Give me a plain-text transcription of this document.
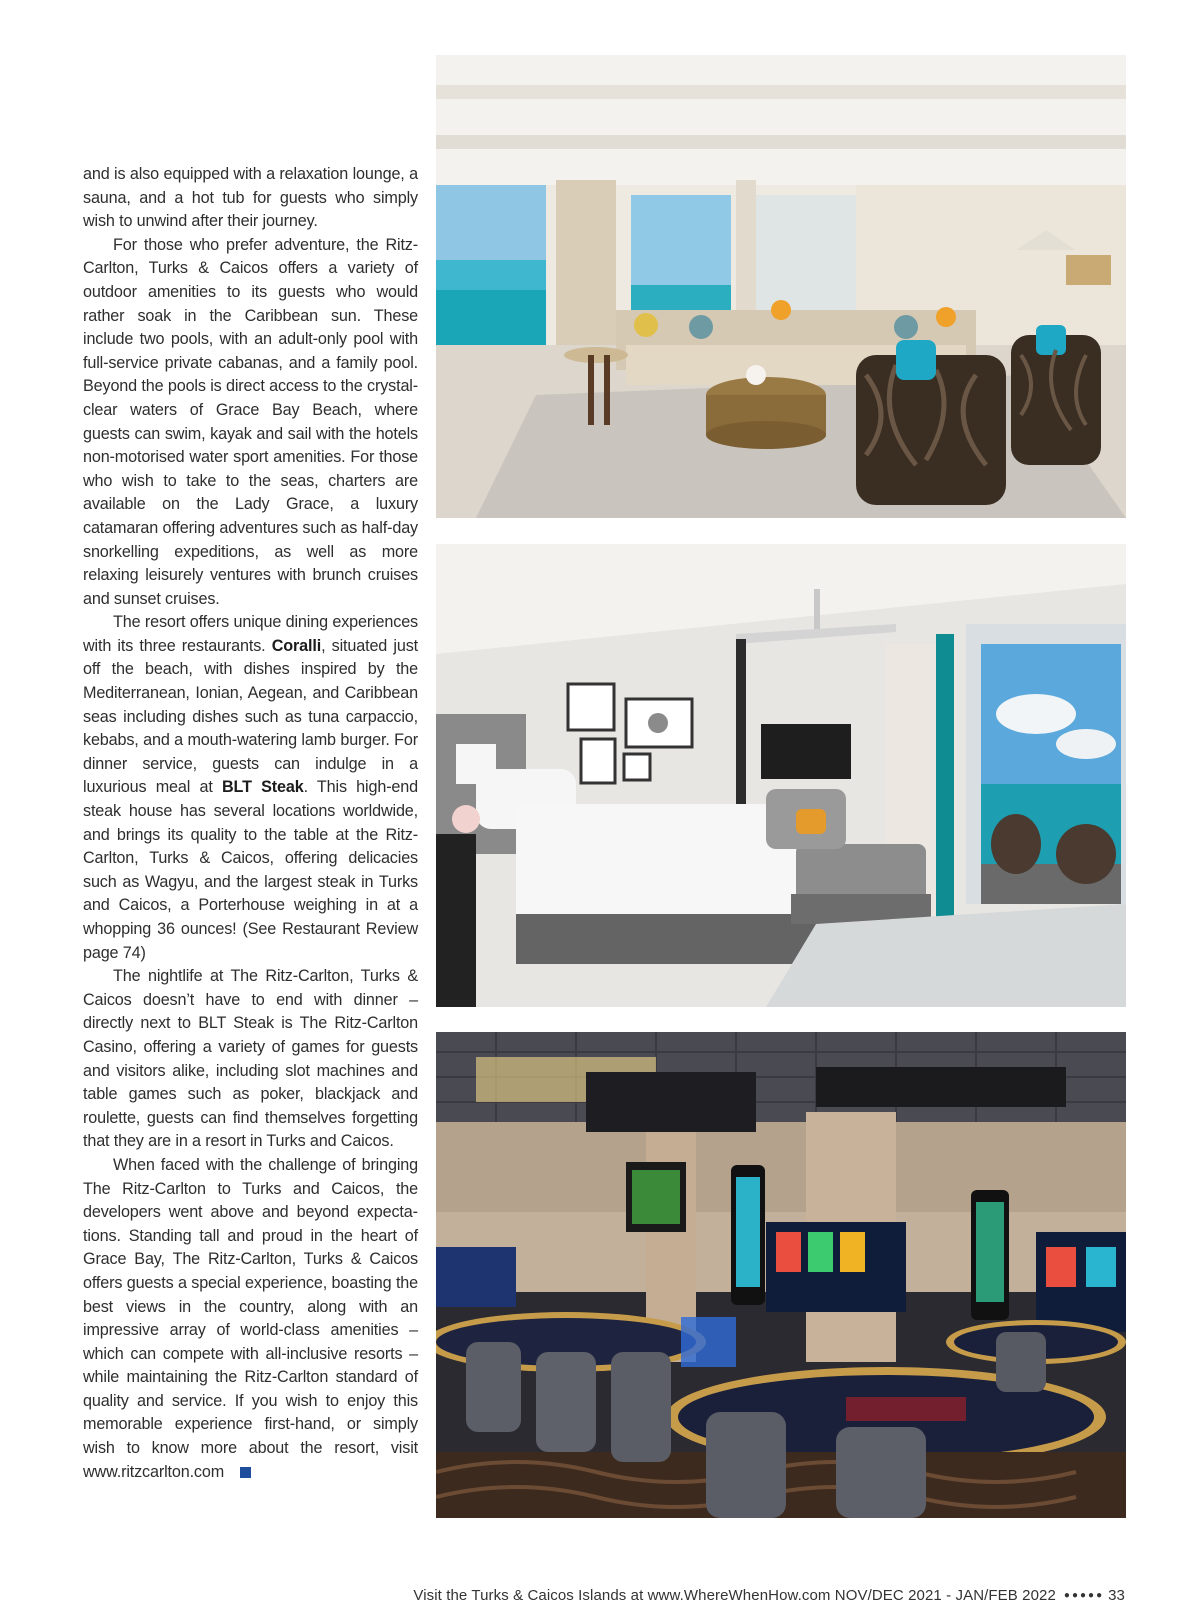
and is also equipped with a relaxation lounge, a sauna, and a hot tub for guests who simply wish to unwind after their journey.

For those who prefer adventure, the Ritz-Carlton, Turks & Caicos offers a variety of outdoor amenities to its guests who would rather soak in the Caribbean sun. These include two pools, with an adult-only pool with full-service private cabanas, and a family pool. Beyond the pools is direct access to the crystal-clear waters of Grace Bay Beach, where guests can swim, kayak and sail with the hotels non-motorised water sport amenities. For those who wish to take to the seas, charters are available on the Lady Grace, a luxury catamaran offering adventures such as half-day snorkelling expeditions, as well as more relaxing leisurely ventures with brunch cruises and sunset cruises.

The resort offers unique dining experiences with its three restaurants. Coralli, situated just off the beach, with dishes inspired by the Mediterranean, Ionian, Aegean, and Caribbean seas including dishes such as tuna carpaccio, kebabs, and a mouth-watering lamb burger. For dinner service, guests can indulge in a luxurious meal at BLT Steak. This high-end steak house has several locations worldwide, and brings its quality to the table at the Ritz-Carlton, Turks & Caicos, offering delicacies such as Wagyu, and the largest steak in Turks and Caicos, a Porterhouse weighing in at a whopping 36 ounces! (See Restaurant Review page 74)

The nightlife at The Ritz-Carlton, Turks & Caicos doesn’t have to end with dinner – directly next to BLT Steak is The Ritz-Carlton Casino, offering a variety of games for guests and visitors alike, including slot machines and table games such as poker, blackjack and roulette, guests can find themselves forgetting that they are in a resort in Turks and Caicos.

When faced with the challenge of bringing The Ritz-Carlton to Turks and Caicos, the developers went above and beyond expectations. Standing tall and proud in the heart of Grace Bay, The Ritz-Carlton, Turks & Caicos offers guests a special experience, boasting the best views in the country, along with an impressive array of world-class amenities – which can compete with all-inclusive resorts – while maintaining the Ritz-Carlton standard of quality and service. If you wish to enjoy this memorable experience first-hand, or simply wish to know more about the resort, visit www.ritzcarlton.com

Visit the Turks & Caicos Islands at www.WhereWhenHow.com NOV/DEC 2021 - JAN/FEB 2022 ●●●●● 33
